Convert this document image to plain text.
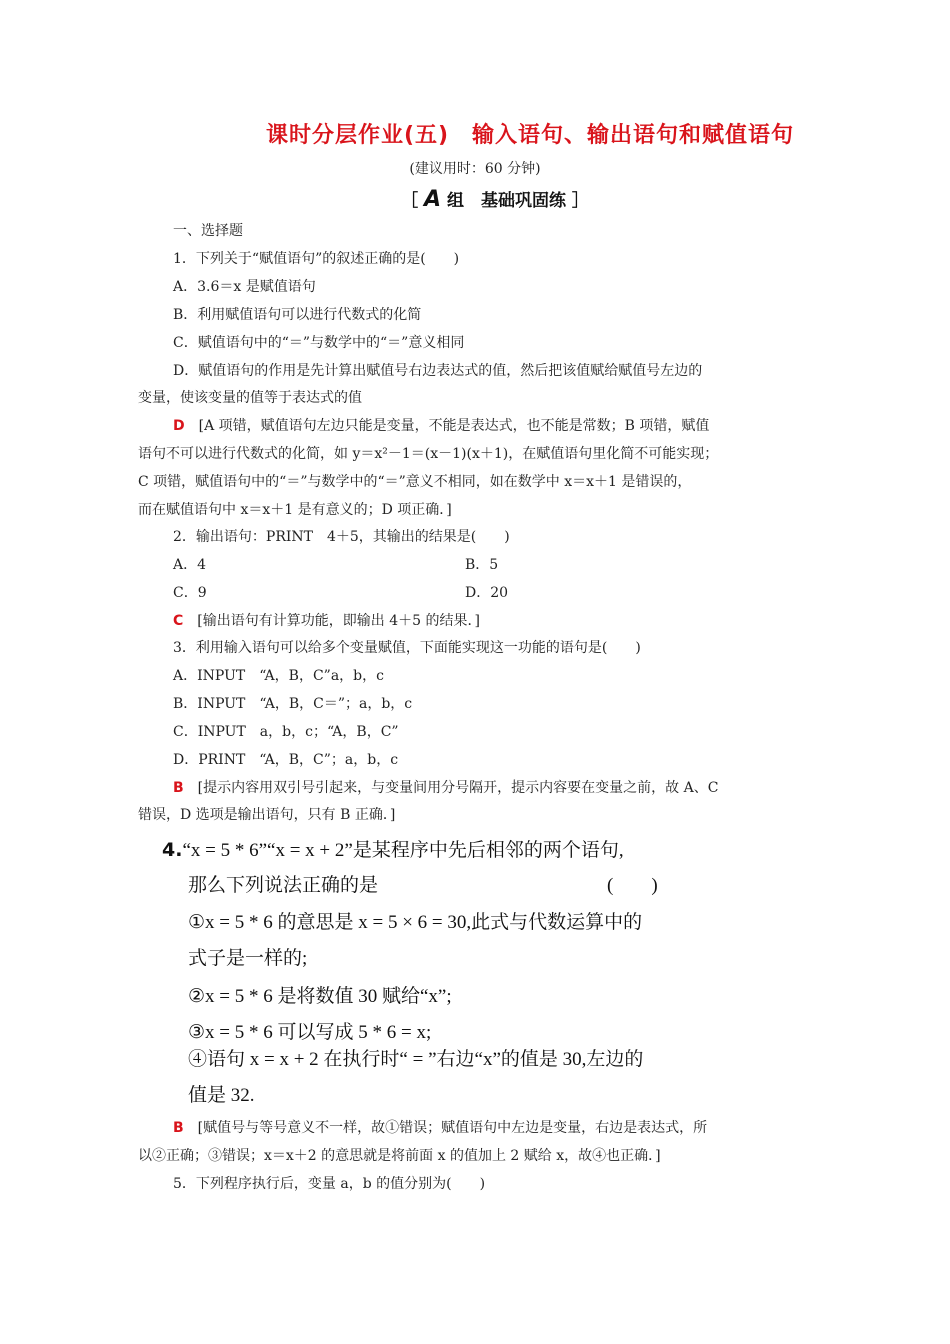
课时分层作业(五)　输入语句、输出语句和赋值语句
(建议用时：60 分钟)
［ A 组　基础巩固练 ］
一、选择题
1．下列关于“赋值语句”的叙述正确的是(　　)
A．3.6＝x 是赋值语句
B．利用赋值语句可以进行代数式的化简
C．赋值语句中的“＝”与数学中的“＝”意义相同
D．赋值语句的作用是先计算出赋值号右边表达式的值，然后把该值赋给赋值号左边的
变量，使该变量的值等于表达式的值
D [A 项错，赋值语句左边只能是变量，不能是表达式，也不能是常数；B 项错，赋值
语句不可以进行代数式的化简，如 y＝x²－1＝(x－1)(x＋1)，在赋值语句里化简不可能实现；
C 项错，赋值语句中的“＝”与数学中的“＝”意义不相同，如在数学中 x＝x＋1 是错误的，
而在赋值语句中 x＝x＋1 是有意义的；D 项正确．]
2．输出语句：PRINT　4＋5，其输出的结果是(　　)
A．4	B．5
C．9	D．20
C [输出语句有计算功能，即输出 4＋5 的结果．]
3．利用输入语句可以给多个变量赋值，下面能实现这一功能的语句是(　　)
A．INPUT　“A，B，C”a，b，c
B．INPUT　“A，B，C＝”；a，b，c
C．INPUT　a，b，c；“A，B，C”
D．PRINT　“A，B，C”；a，b，c
B [提示内容用双引号引起来，与变量间用分号隔开，提示内容要在变量之前，故 A、C
错误，D 选项是输出语句，只有 B 正确．]
4.“x = 5 * 6”“x = x + 2”是某程序中先后相邻的两个语句,
那么下列说法正确的是	(　　)
①x = 5 * 6 的意思是 x = 5 × 6 = 30,此式与代数运算中的
式子是一样的;
②x = 5 * 6 是将数值 30 赋给“x”;
③x = 5 * 6 可以写成 5 * 6 = x;
④语句 x = x + 2 在执行时“ = ”右边“x”的值是 30,左边的
值是 32.
B [赋值号与等号意义不一样，故①错误；赋值语句中左边是变量，右边是表达式，所
以②正确；③错误；x＝x＋2 的意思就是将前面 x 的值加上 2 赋给 x，故④也正确．]
5．下列程序执行后，变量 a，b 的值分别为(　　)
